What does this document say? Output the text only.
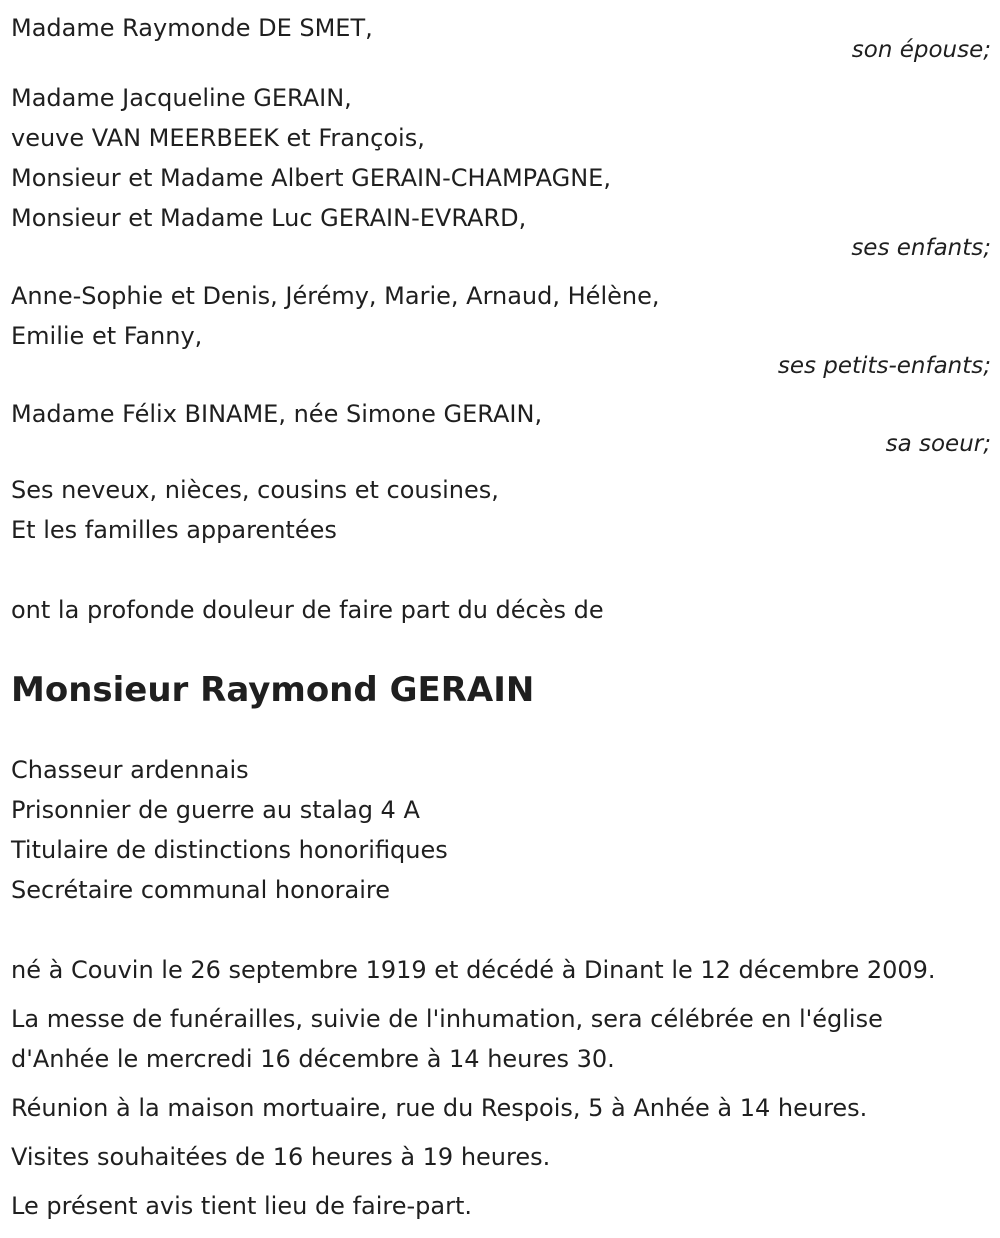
Madame Raymonde DE SMET,
son épouse;
Madame Jacqueline GERAIN,
veuve VAN MEERBEEK et François,
Monsieur et Madame Albert GERAIN-CHAMPAGNE,
Monsieur et Madame Luc GERAIN-EVRARD,
ses enfants;
Anne-Sophie et Denis, Jérémy, Marie, Arnaud, Hélène,
Emilie et Fanny,
ses petits-enfants;
Madame Félix BINAME, née Simone GERAIN,
sa soeur;
Ses neveux, nièces, cousins et cousines,
Et les familles apparentées
ont la profonde douleur de faire part du décès de
Monsieur Raymond GERAIN
Chasseur ardennais
Prisonnier de guerre au stalag 4 A
Titulaire de distinctions honorifiques
Secrétaire communal honoraire
né à Couvin le 26 septembre 1919 et décédé à Dinant le 12 décembre 2009.
La messe de funérailles, suivie de l'inhumation, sera célébrée en l'église d'Anhée le mercredi 16 décembre à 14 heures 30.
Réunion à la maison mortuaire, rue du Respois, 5 à Anhée à 14 heures.
Visites souhaitées de 16 heures à 19 heures.
Le présent avis tient lieu de faire-part.
